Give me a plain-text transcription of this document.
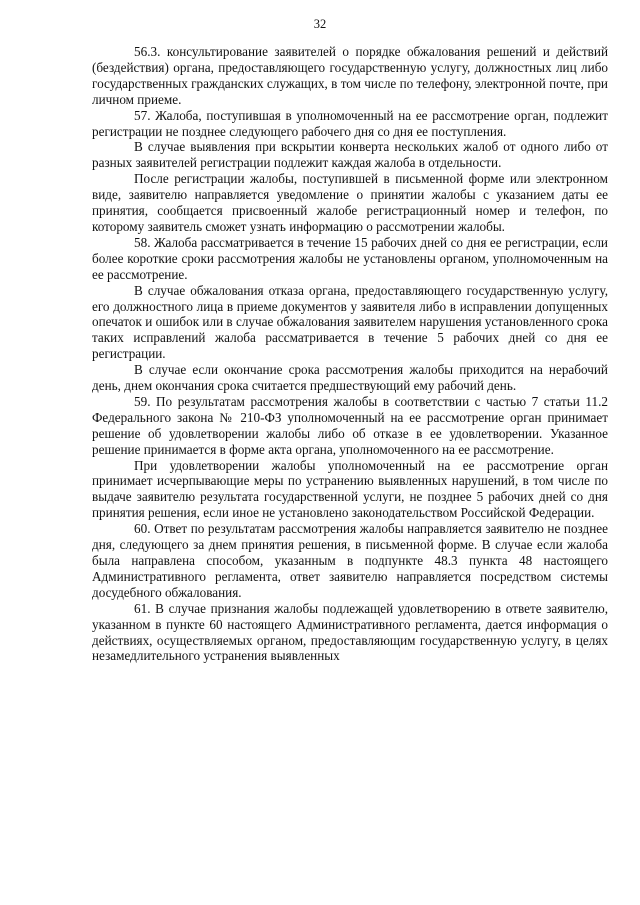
32

56.3. консультирование заявителей о порядке обжалования решений и действий (бездействия) органа, предоставляющего государственную услугу, должностных лиц либо государственных гражданских служащих, в том числе по телефону, электронной почте, при личном приеме.

57. Жалоба, поступившая в уполномоченный на ее рассмотрение орган, подлежит регистрации не позднее следующего рабочего дня со дня ее поступления.

В случае выявления при вскрытии конверта нескольких жалоб от одного либо от разных заявителей регистрации подлежит каждая жалоба в отдельности.

После регистрации жалобы, поступившей в письменной форме или электронном виде, заявителю направляется уведомление о принятии жалобы с указанием даты ее принятия, сообщается присвоенный жалобе регистрационный номер и телефон, по которому заявитель сможет узнать информацию о рассмотрении жалобы.

58. Жалоба рассматривается в течение 15 рабочих дней со дня ее регистрации, если более короткие сроки рассмотрения жалобы не установлены органом, уполномоченным на ее рассмотрение.

В случае обжалования отказа органа, предоставляющего государственную услугу, его должностного лица в приеме документов у заявителя либо в исправлении допущенных опечаток и ошибок или в случае обжалования заявителем нарушения установленного срока таких исправлений жалоба рассматривается в течение 5 рабочих дней со дня ее регистрации.

В случае если окончание срока рассмотрения жалобы приходится на нерабочий день, днем окончания срока считается предшествующий ему рабочий день.

59. По результатам рассмотрения жалобы в соответствии с частью 7 статьи 11.2 Федерального закона № 210-ФЗ уполномоченный на ее рассмотрение орган принимает решение об удовлетворении жалобы либо об отказе в ее удовлетворении. Указанное решение принимается в форме акта органа, уполномоченного на ее рассмотрение.

При удовлетворении жалобы уполномоченный на ее рассмотрение орган принимает исчерпывающие меры по устранению выявленных нарушений, в том числе по выдаче заявителю результата государственной услуги, не позднее 5 рабочих дней со дня принятия решения, если иное не установлено законодательством Российской Федерации.

60. Ответ по результатам рассмотрения жалобы направляется заявителю не позднее дня, следующего за днем принятия решения, в письменной форме. В случае если жалоба была направлена способом, указанным в подпункте 48.3 пункта 48 настоящего Административного регламента, ответ заявителю направляется посредством системы досудебного обжалования.

61. В случае признания жалобы подлежащей удовлетворению в ответе заявителю, указанном в пункте 60 настоящего Административного регламента, дается информация о действиях, осуществляемых органом, предоставляющим государственную услугу, в целях незамедлительного устранения выявленных
